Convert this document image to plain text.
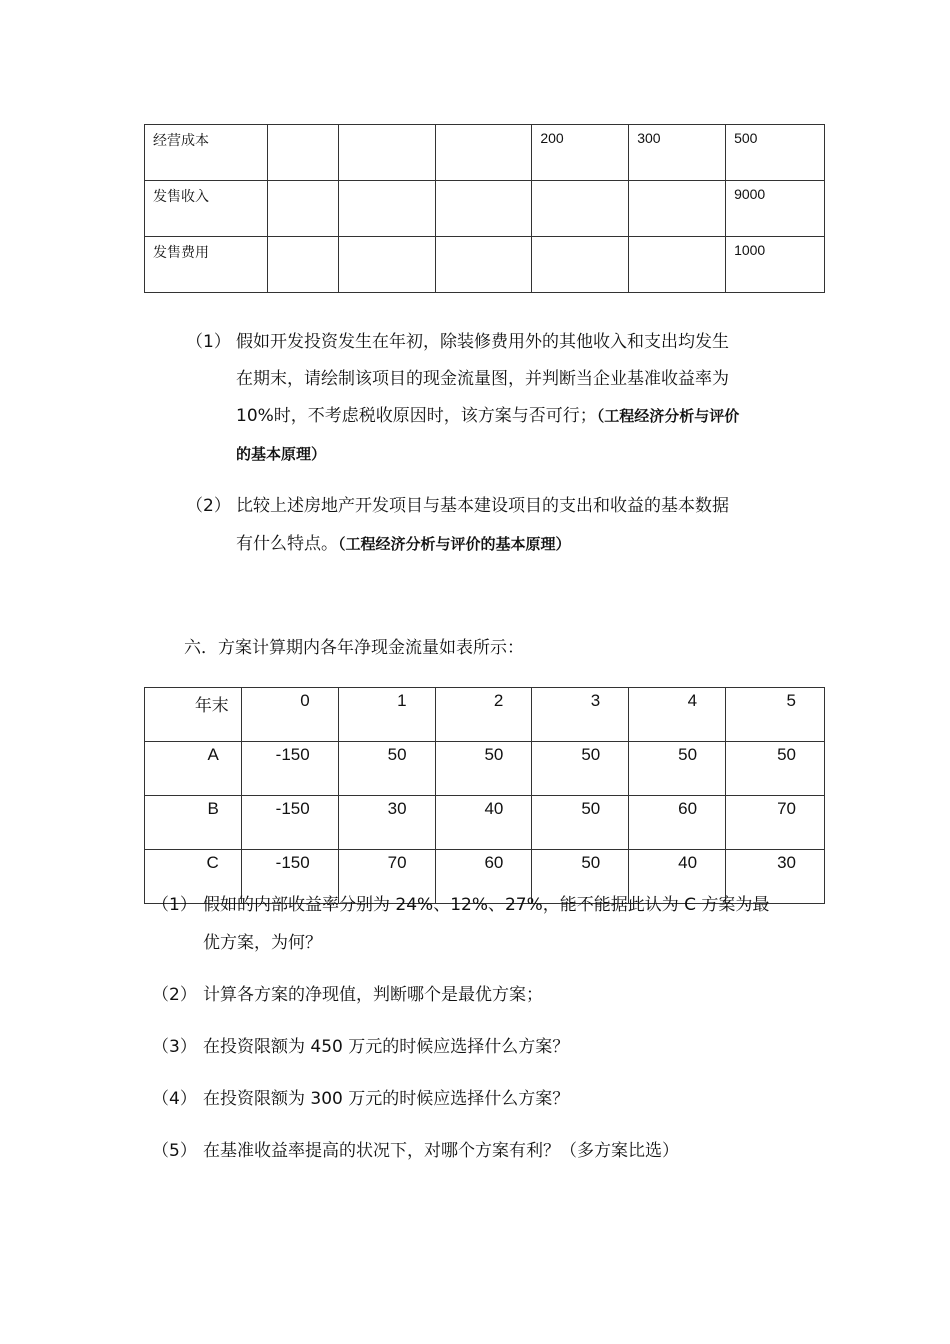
经营成本				200	300	500
发售收入						9000
发售费用						1000
（1） 假如开发投资发生在年初，除装修费用外的其他收入和支出均发生
在期末，请绘制该项目的现金流量图，并判断当企业基准收益率为
10%时，不考虑税收原因时，该方案与否可行；（工程经济分析与评价
的基本原理）
（2） 比较上述房地产开发项目与基本建设项目的支出和收益的基本数据
有什么特点。（工程经济分析与评价的基本原理）
六．方案计算期内各年净现金流量如表所示：
年末	0	1	2	3	4	5
A	-150	50	50	50	50	50
B	-150	30	40	50	60	70
C	-150	70	60	50	40	30
（1） 假如的内部收益率分别为 24%、12%、27%，能不能据此认为 C 方案为最
优方案，为何？
（2） 计算各方案的净现值，判断哪个是最优方案；
（3） 在投资限额为 450 万元的时候应选择什么方案？
（4） 在投资限额为 300 万元的时候应选择什么方案？
（5） 在基准收益率提高的状况下，对哪个方案有利？（多方案比选）
